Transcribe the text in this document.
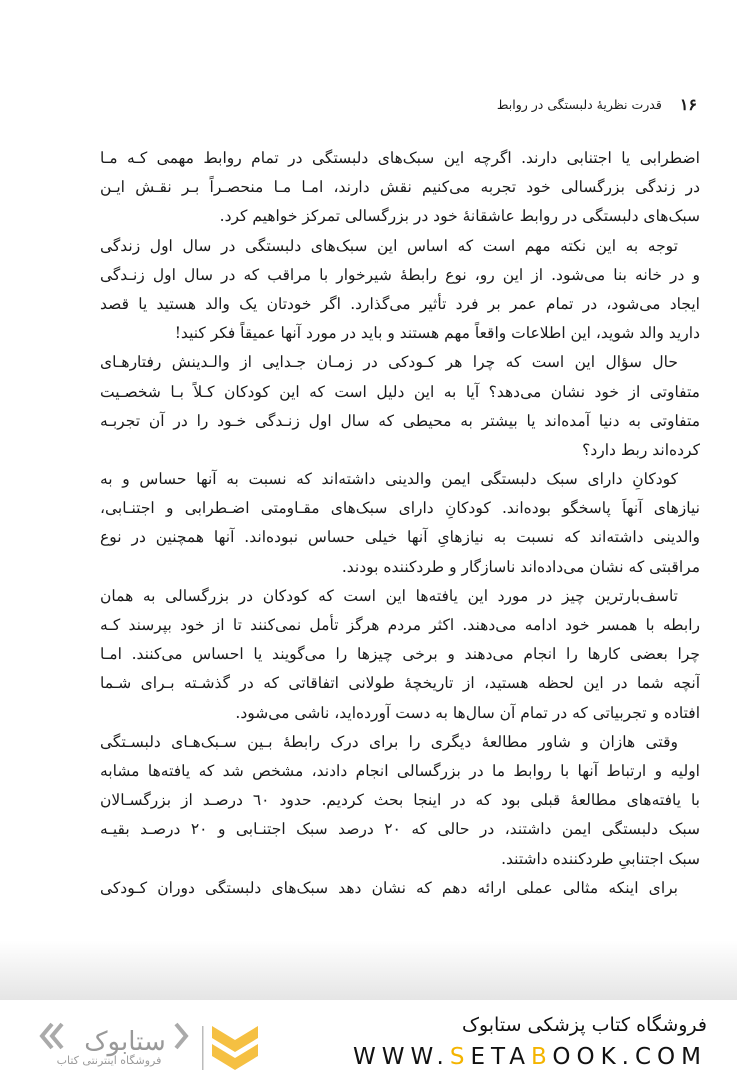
۱۶
قدرت نظریهٔ دلبستگی در روابط
اضطرابی یا اجتنابی دارند. اگرچه این سبک‌های دلبستگی در تمام روابط مهمی کـه مـا
در زندگی بزرگسالی خود تجربه می‌کنیم نقش دارند، امـا مـا منحصـراً بـر نقـش ایـن
سبک‌های دلبستگی در روابط عاشقانهٔ خود در بزرگسالی تمرکز خواهیم کرد.
توجه به این نکته مهم است که اساس این سبک‌های دلبستگی در سال اول زندگی
و در خانه بنا می‌شود. از این رو، نوع رابطهٔ شیرخوار با مراقب که در سال اول زنـدگی
ایجاد می‌شود، در تمام عمر بر فرد تأثیر می‌گذارد. اگر خودتان یک والد هستید یا قصد
دارید والد شوید، این اطلاعات واقعاً مهم هستند و باید در مورد آنها عمیقاً فکر کنید!
حال سؤال این است که چرا هر کـودکی در زمـان جـدایی از والـدینش رفتارهـای
متفاوتی از خود نشان می‌دهد؟ آیا به این دلیل است که این کودکان کـلاً بـا شخصـیت
متفاوتی به دنیا آمده‌اند یا بیشتر به محیطی که سال اول زنـدگی خـود را در آن تجربـه
کرده‌اند ربط دارد؟
کودکانِ دارای سبک دلبستگی ایمن والدینی داشته‌اند که نسبت به آنها حساس و به
نیازهای آنهاَ پاسخگو بوده‌اند. کودکانِ دارای سبک‌های مقـاومتی اضـطرابی و اجتنـابی،
والدینی داشته‌اند که نسبت به نیازهایِ آنها خیلی حساس نبوده‌اند. آنها همچنین در نوع
مراقبتی که نشان می‌داده‌اند ناسازگار و طردکننده بودند.
تاسف‌بارترین چیز در مورد این یافته‌ها این است که کودکان در بزرگسالی به همان
رابطه با همسر خود ادامه می‌دهند. اکثر مردم هرگز تأمل نمی‌کنند تا از خود بپرسند کـه
چرا بعضی کارها را انجام می‌دهند و برخی چیزها را می‌گویند یا احساس می‌کنند. امـا
آنچه شما در این لحظه هستید، از تاریخچهٔ طولانی اتفاقاتی که در گذشـته بـرای شـما
افتاده و تجربیاتی که در تمام آن سال‌ها به دست آورده‌اید، ناشی می‌شود.
وقتی هازان و شاور مطالعهٔ دیگری را برای درک رابطهٔ بـین سـبک‌هـای دلبسـتگی
اولیه و ارتباط آنها با روابط ما در بزرگسالی انجام دادند، مشخص شد که یافته‌ها مشابه
با یافته‌های مطالعهٔ قبلی بود که در اینجا بحث کردیم. حدود ٦٠ درصـد از بزرگسـالان
سبک دلبستگی ایمن داشتند، در حالی که ٢٠ درصد سبک اجتنـابی و ٢٠ درصـد بقیـه
سبک اجتنابیِ طردکننده داشتند.
برای اینکه مثالی عملی ارائه دهم که نشان دهد سبک‌های دلبستگی دوران کـودکی
ستابوک
فروشگاه اینترنتی کتاب
فروشگاه کتاب پزشکی ستابوک
WWW.SETABOOK.COM
